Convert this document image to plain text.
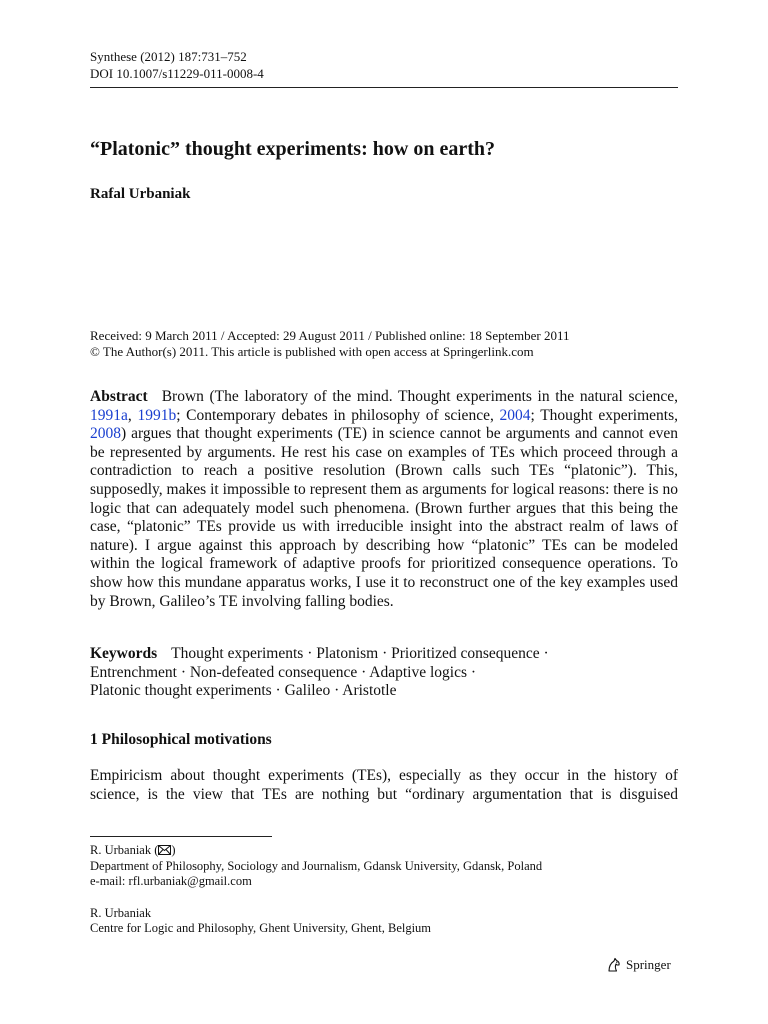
Synthese (2012) 187:731–752
DOI 10.1007/s11229-011-0008-4
“Platonic” thought experiments: how on earth?
Rafal Urbaniak
Received: 9 March 2011 / Accepted: 29 August 2011 / Published online: 18 September 2011
© The Author(s) 2011. This article is published with open access at Springerlink.com
Abstract Brown (The laboratory of the mind. Thought experiments in the natural science, 1991a, 1991b; Contemporary debates in philosophy of science, 2004; Thought experiments, 2008) argues that thought experiments (TE) in science cannot be arguments and cannot even be represented by arguments. He rest his case on examples of TEs which proceed through a contradiction to reach a positive resolution (Brown calls such TEs “platonic”). This, supposedly, makes it impossible to represent them as arguments for logical reasons: there is no logic that can adequately model such phenomena. (Brown further argues that this being the case, “platonic” TEs provide us with irreducible insight into the abstract realm of laws of nature). I argue against this approach by describing how “platonic” TEs can be modeled within the logical framework of adaptive proofs for prioritized consequence operations. To show how this mundane apparatus works, I use it to reconstruct one of the key examples used by Brown, Galileo’s TE involving falling bodies.
Keywords Thought experiments · Platonism · Prioritized consequence ·
Entrenchment · Non-defeated consequence · Adaptive logics ·
Platonic thought experiments · Galileo · Aristotle
1 Philosophical motivations
Empiricism about thought experiments (TEs), especially as they occur in the history of science, is the view that TEs are nothing but “ordinary argumentation that is disguised
R. Urbaniak ( )
Department of Philosophy, Sociology and Journalism, Gdansk University, Gdansk, Poland
e-mail: rfl.urbaniak@gmail.com
R. Urbaniak
Centre for Logic and Philosophy, Ghent University, Ghent, Belgium
Springer
